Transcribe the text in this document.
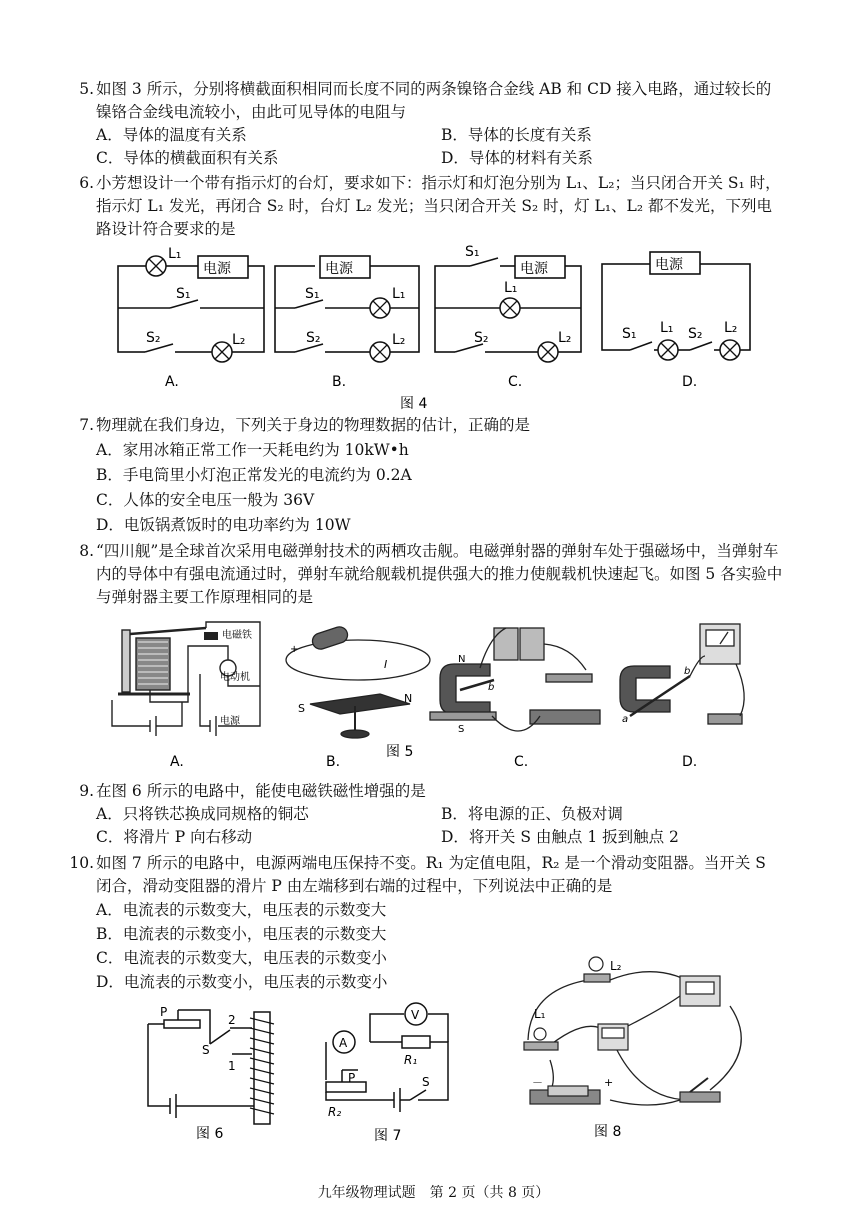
5. 如图 3 所示，分别将横截面积相同而长度不同的两条镍铬合金线 AB 和 CD 接入电路，通过较长的镍铬合金线电流较小，由此可见导体的电阻与
A．导体的温度有关系	B．导体的长度有关系
C．导体的横截面积有关系	D．导体的材料有关系
6. 小芳想设计一个带有指示灯的台灯，要求如下：指示灯和灯泡分别为 L₁、L₂；当只闭合开关 S₁ 时，指示灯 L₁ 发光，再闭合 S₂ 时，台灯 L₂ 发光；当只闭合开关 S₂ 时，灯 L₁、L₂ 都不发光，下列电路设计符合要求的是
电源	电源	电源	电源
L₁
S₁
S₂	L₂
S₁
S₂
L₁
L₂
S₁
L₁
S₂	L₂	S₁ L₁ S₂ L₂
A.	B.	C.	D.
图 4
7. 物理就在我们身边，下列关于身边的物理数据的估计，正确的是
A．家用冰箱正常工作一天耗电约为 10kW•h
B．手电筒里小灯泡正常发光的电流约为 0.2A
C．人体的安全电压一般为 36V
D．电饭锅煮饭时的电功率约为 10W
8. “四川舰”是全球首次采用电磁弹射技术的两栖攻击舰。电磁弹射器的弹射车处于强磁场中，当弹射车内的导体中有强电流通过时，弹射车就给舰载机提供强大的推力使舰载机快速起飞。如图 5 各实验中与弹射器主要工作原理相同的是
电磁铁
电动机
电源
A.
+
I
S
N
B.
N
S
b
C.
b
a
D.
图 5
9. 在图 6 所示的电路中，能使电磁铁磁性增强的是
A．只将铁芯换成同规格的铜芯	B．将电源的正、负极对调
C．将滑片 P 向右移动	D．将开关 S 由触点 1 扳到触点 2
10. 如图 7 所示的电路中，电源两端电压保持不变。R₁ 为定值电阻，R₂ 是一个滑动变阻器。当开关 S 闭合，滑动变阻器的滑片 P 由左端移到右端的过程中，下列说法中正确的是
A．电流表的示数变大，电压表的示数变大
B．电流表的示数变小，电压表的示数变大
C．电流表的示数变大，电压表的示数变小
D．电流表的示数变小，电压表的示数变小
P
S
2
1
图 6
A
V
P
R₁
R₂
S
图 7
L₂
L₁
－	+
图 8
九年级物理试题　第 2 页（共 8 页）
